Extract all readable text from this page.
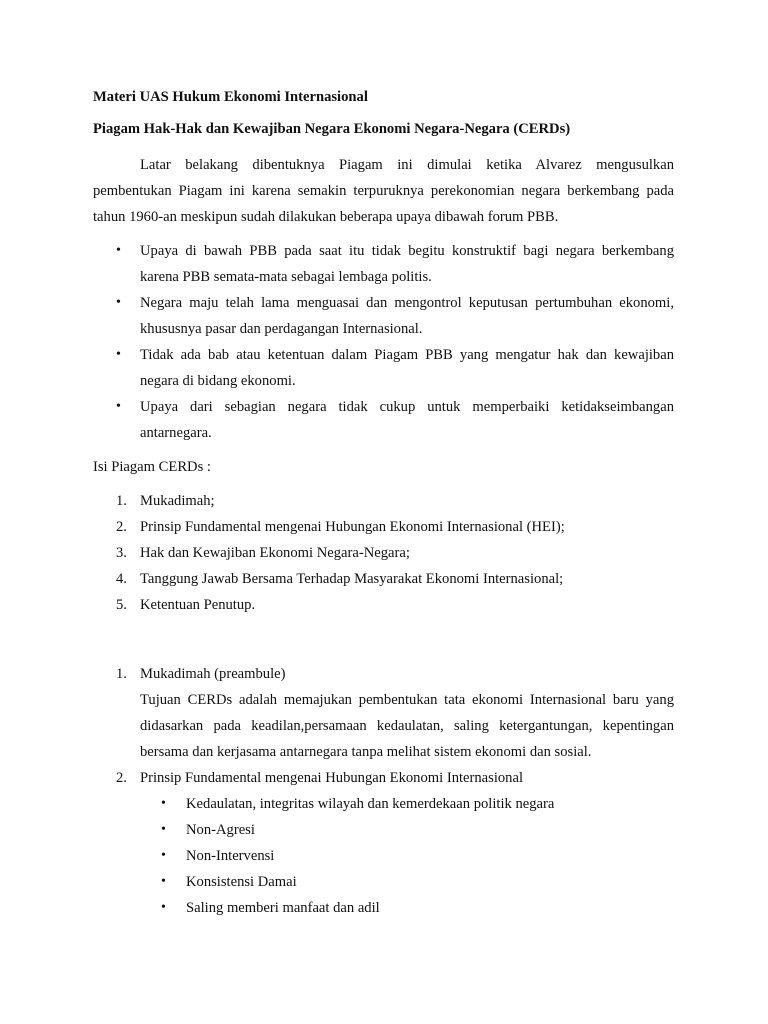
Materi UAS Hukum Ekonomi Internasional
Piagam Hak-Hak dan Kewajiban Negara Ekonomi Negara-Negara (CERDs)
Latar belakang dibentuknya Piagam ini dimulai ketika Alvarez mengusulkan
pembentukan Piagam ini karena semakin terpuruknya perekonomian negara berkembang pada
tahun 1960-an meskipun sudah dilakukan beberapa upaya dibawah forum PBB.
• Upaya di bawah PBB pada saat itu tidak begitu konstruktif bagi negara berkembang
karena PBB semata-mata sebagai lembaga politis.
• Negara maju telah lama menguasai dan mengontrol keputusan pertumbuhan ekonomi,
khususnya pasar dan perdagangan Internasional.
• Tidak ada bab atau ketentuan dalam Piagam PBB yang mengatur hak dan kewajiban
negara di bidang ekonomi.
• Upaya dari sebagian negara tidak cukup untuk memperbaiki ketidakseimbangan
antarnegara.
Isi Piagam CERDs :
1. Mukadimah;
2. Prinsip Fundamental mengenai Hubungan Ekonomi Internasional (HEI);
3. Hak dan Kewajiban Ekonomi Negara-Negara;
4. Tanggung Jawab Bersama Terhadap Masyarakat Ekonomi Internasional;
5. Ketentuan Penutup.
1. Mukadimah (preambule)
Tujuan CERDs adalah memajukan pembentukan tata ekonomi Internasional baru yang
didasarkan pada keadilan,persamaan kedaulatan, saling ketergantungan, kepentingan
bersama dan kerjasama antarnegara tanpa melihat sistem ekonomi dan sosial.
2. Prinsip Fundamental mengenai Hubungan Ekonomi Internasional
• Kedaulatan, integritas wilayah dan kemerdekaan politik negara
• Non-Agresi
• Non-Intervensi
• Konsistensi Damai
• Saling memberi manfaat dan adil
